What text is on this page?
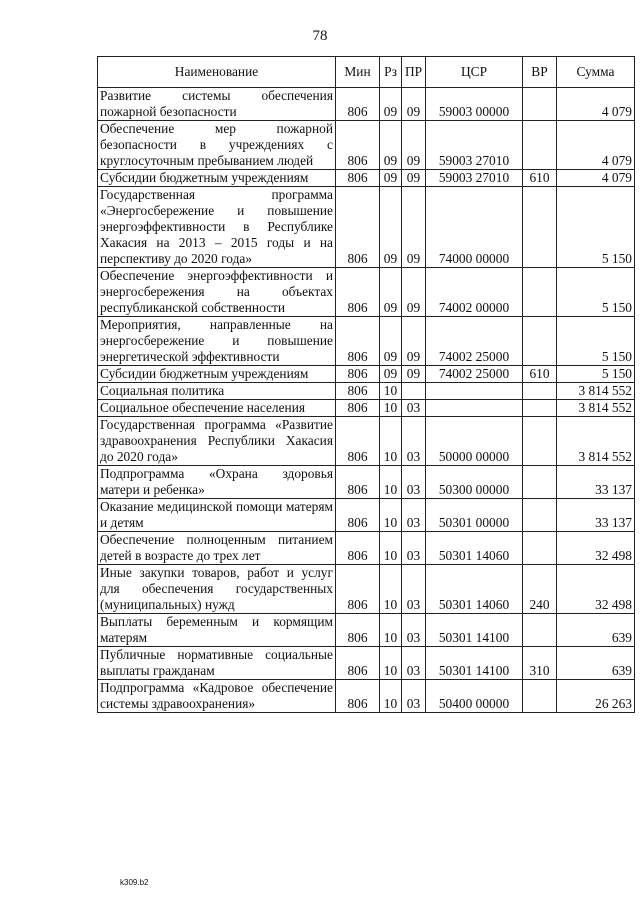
78
Наименование	Мин	Рз	ПР	ЦСР	ВР	Сумма
Развитие системы обеспечения пожарной безопасности	806	09	09	59003 00000		4 079
Обеспечение мер пожарной безопасности в учреждениях с круглосуточным пребыванием людей	806	09	09	59003 27010		4 079
Субсидии бюджетным учреждениям	806	09	09	59003 27010	610	4 079
Государственная программа «Энергосбережение и повышение энергоэффективности в Республике Хакасия на 2013 – 2015 годы и на перспективу до 2020 года»	806	09	09	74000 00000		5 150
Обеспечение энергоэффективности и энергосбережения на объектах республиканской собственности	806	09	09	74002 00000		5 150
Мероприятия, направленные на энергосбережение и повышение энергетической эффективности	806	09	09	74002 25000		5 150
Субсидии бюджетным учреждениям	806	09	09	74002 25000	610	5 150
Социальная политика	806	10				3 814 552
Социальное обеспечение населения	806	10	03			3 814 552
Государственная программа «Развитие здравоохранения Республики Хакасия до 2020 года»	806	10	03	50000 00000		3 814 552
Подпрограмма «Охрана здоровья матери и ребенка»	806	10	03	50300 00000		33 137
Оказание медицинской помощи матерям и детям	806	10	03	50301 00000		33 137
Обеспечение полноценным питанием детей в возрасте до трех лет	806	10	03	50301 14060		32 498
Иные закупки товаров, работ и услуг для обеспечения государственных (муниципальных) нужд	806	10	03	50301 14060	240	32 498
Выплаты беременным и кормящим матерям	806	10	03	50301 14100		639
Публичные нормативные социальные выплаты гражданам	806	10	03	50301 14100	310	639
Подпрограмма «Кадровое обеспечение системы здравоохранения»	806	10	03	50400 00000		26 263
k309.b2
